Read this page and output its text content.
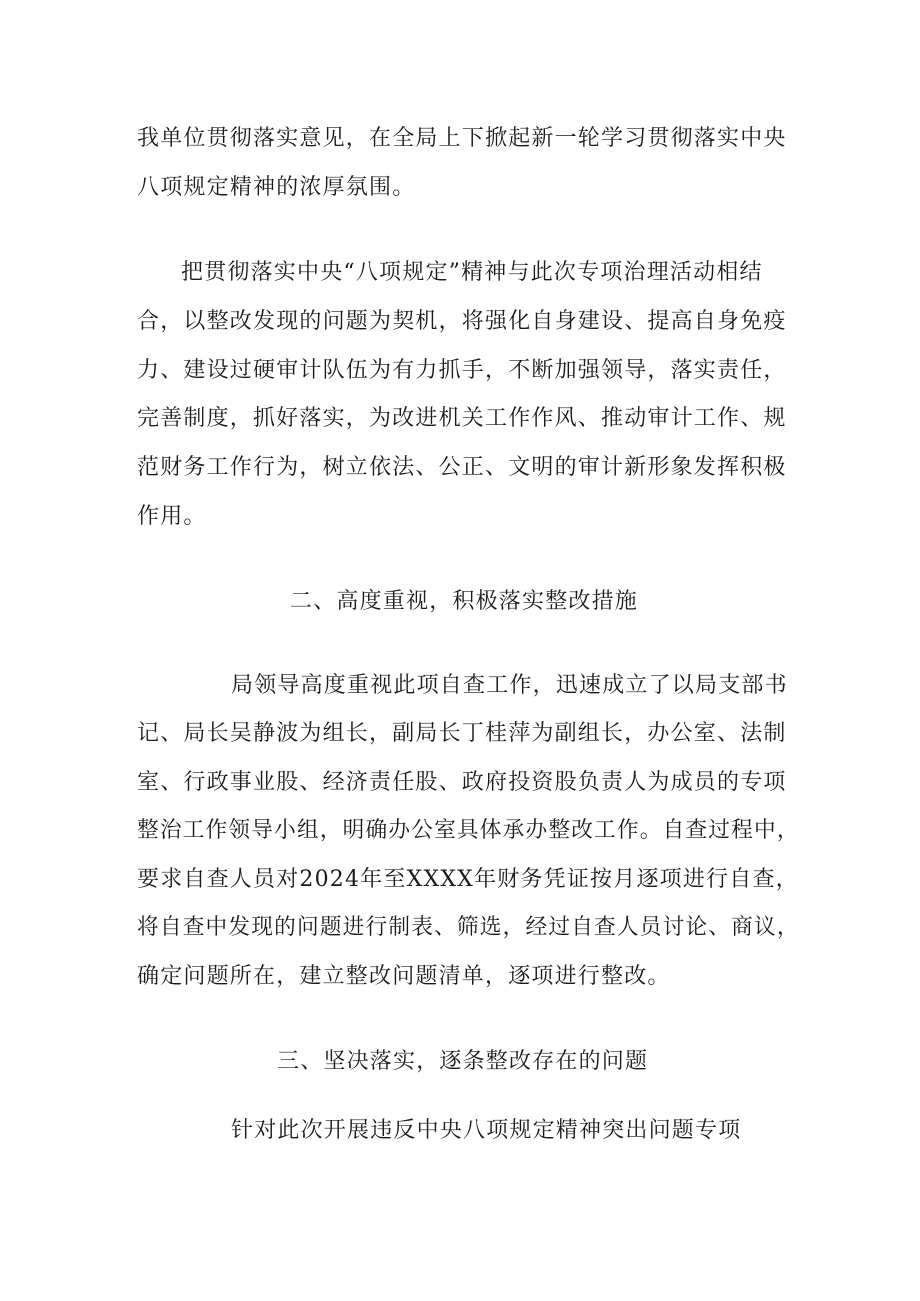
我单位贯彻落实意见，在全局上下掀起新一轮学习贯彻落实中央
八项规定精神的浓厚氛围。
把贯彻落实中央“八项规定”精神与此次专项治理活动相结
合，以整改发现的问题为契机，将强化自身建设、提高自身免疫
力、建设过硬审计队伍为有力抓手，不断加强领导，落实责任，
完善制度，抓好落实，为改进机关工作作风、推动审计工作、规
范财务工作行为，树立依法、公正、文明的审计新形象发挥积极
作用。
二、高度重视，积极落实整改措施
局领导高度重视此项自查工作，迅速成立了以局支部书
记、局长吴静波为组长，副局长丁桂萍为副组长，办公室、法制
室、行政事业股、经济责任股、政府投资股负责人为成员的专项
整治工作领导小组，明确办公室具体承办整改工作。自查过程中，
要求自查人员对2024年至XXXX年财务凭证按月逐项进行自查，
将自查中发现的问题进行制表、筛选，经过自查人员讨论、商议，
确定问题所在，建立整改问题清单，逐项进行整改。
三、坚决落实，逐条整改存在的问题
针对此次开展违反中央八项规定精神突出问题专项
